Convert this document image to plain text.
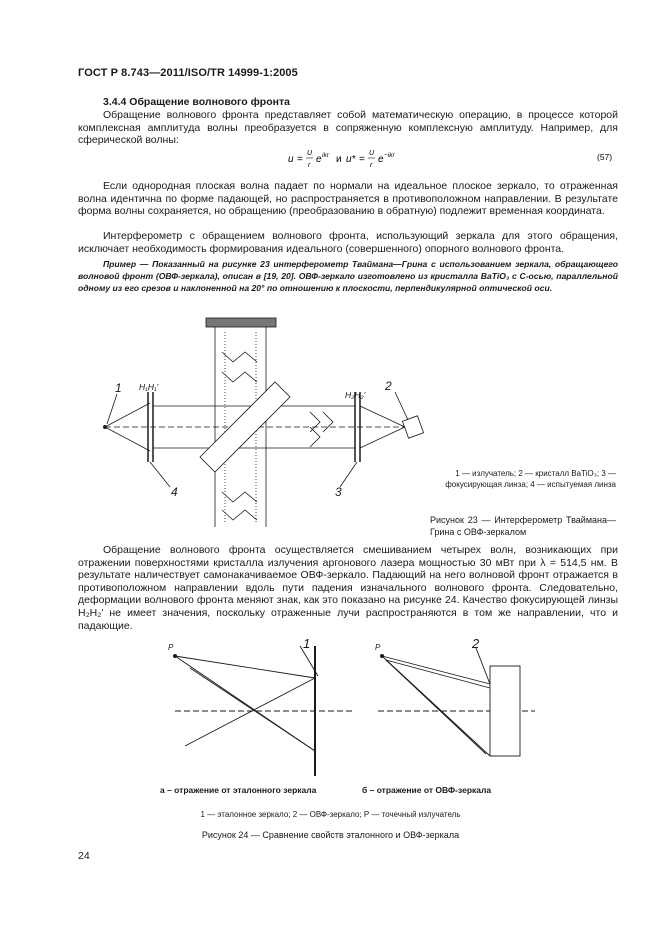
ГОСТ Р 8.743—2011/ISO/TR 14999-1:2005
3.4.4 Обращение волнового фронта
Обращение волнового фронта представляет собой математическую операцию, в процессе которой комплексная амплитуда волны преобразуется в сопряженную комплексную амплитуду. Например, для сферической волны:
u =
U
r
e ikr и u* =
U
r
e −ikr	(57)
Если однородная плоская волна падает по нормали на идеальное плоское зеркало, то отраженная волна идентична по форме падающей, но распространяется в противоположном направлении. В результате форма волны сохраняется, но обращению (преобразованию в обратную) подлежит временная координата.
Интерферометр с обращением волнового фронта, использующий зеркала для этого обращения, исключает необходимость формирования идеального (совершенного) опорного волнового фронта.
Пример — Показанный на рисунке 23 интерферометр Тваймана—Грина с использованием зеркала, обращающего волновой фронт (ОВФ-зеркала), описан в [19, 20]. ОВФ-зеркало изготовлено из кристалла BaTiO₃ с C-осью, параллельной одному из его срезов и наклоненной на 20° по отношению к плоскости, перпендикулярной оптической оси.
1	2
3
4
H₁H₁′
H₂H₂′
1 — излучатель; 2 — кристалл BaTiO₃; 3 — фокусирующая линза; 4 — испытуемая линза
Рисунок 23 — Интерферометр Тваймана—Грина с ОВФ-зеркалом
Обращение волнового фронта осуществляется смешиванием четырех волн, возникающих при отражении поверхностями кристалла излучения аргонового лазера мощностью 30 мВт при λ = 514,5 нм. В результате наличествует самонакачиваемое ОВФ-зеркало. Падающий на него волновой фронт отражается в противоположном направлении вдоль пути падения изначального волнового фронта. Следовательно, деформации волнового фронта меняют знак, как это показано на рисунке 24. Качество фокусирующей линзы H₂H₂′ не имеет значения, поскольку отраженные лучи распространяются в том же направлении, что и падающие.
1	2
P	P
а – отражение от эталонного зеркала	б – отражение от ОВФ-зеркала
1 — эталонное зеркало; 2 — ОВФ-зеркало; P — точечный излучатель
Рисунок 24 — Сравнение свойств эталонного и ОВФ-зеркала
24
